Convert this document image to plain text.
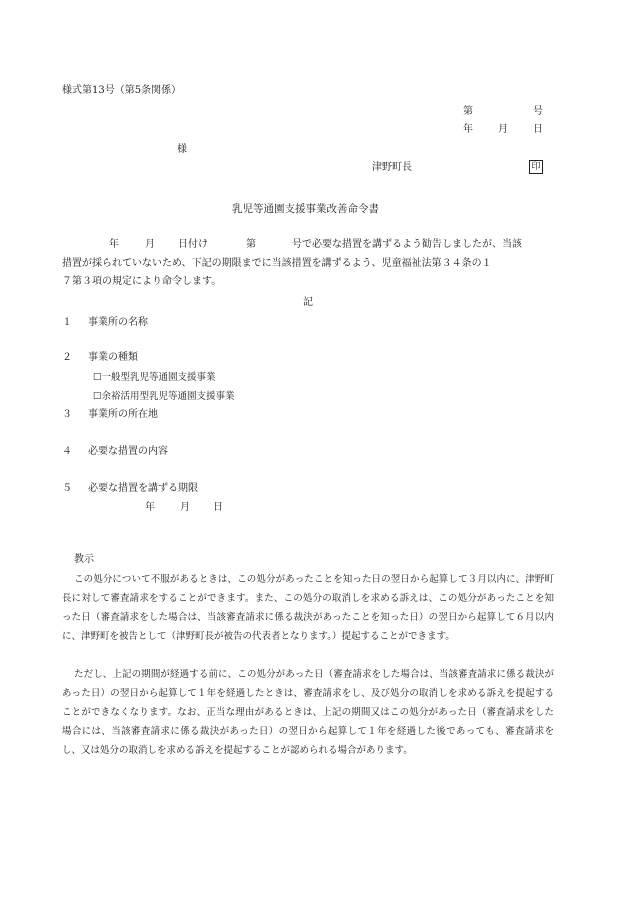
様式第13号（第5条関係）
第	号
年	月	日
様
津野町長	印
乳児等通園支援事業改善命令書
年	月 日付け	第	号で必要な措置を講ずるよう勧告しましたが、当該
措置が採られていないため、下記の期限までに当該措置を講ずるよう、児童福祉法第３４条の１
７第３項の規定により命令します。
記
１ 事業所の名称
２ 事業の種類
☐一般型乳児等通園支援事業
☐余裕活用型乳児等通園支援事業
３ 事業所の所在地
４ 必要な措置の内容
５ 必要な措置を講ずる期限
年	月 日
教示
この処分について不服があるときは、この処分があったことを知った日の翌日から起算して３月以内に、津野町長に対して審査請求をすることができます。また、この処分の取消しを求める訴えは、この処分があったことを知った日（審査請求をした場合は、当該審査請求に係る裁決があったことを知った日）の翌日から起算して６月以内に、津野町を被告として（津野町長が被告の代表者となります。）提起することができます。
ただし、上記の期間が経過する前に、この処分があった日（審査請求をした場合は、当該審査請求に係る裁決があった日）の翌日から起算して１年を経過したときは、審査請求をし、及び処分の取消しを求める訴えを提起することができなくなります。なお、正当な理由があるときは、上記の期間又はこの処分があった日（審査請求をした場合には、当該審査請求に係る裁決があった日）の翌日から起算して１年を経過した後であっても、審査請求をし、又は処分の取消しを求める訴えを提起することが認められる場合があります。
